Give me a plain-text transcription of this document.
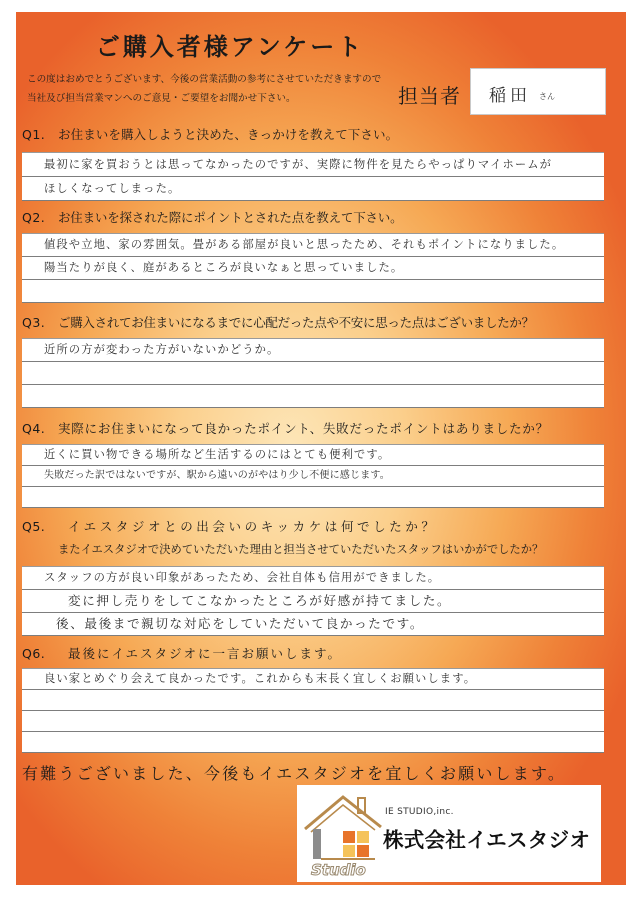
ご購入者様アンケート
この度はおめでとうございます、今後の営業活動の参考にさせていただきますので
当社及び担当営業マンへのご意見・ご要望をお聞かせ下さい。	担当者 稲田 さん
Q1. お住まいを購入しようと決めた、きっかけを教えて下さい。
最初に家を買おうとは思ってなかったのですが、実際に物件を見たらやっぱりマイホームが
ほしくなってしまった。
Q2. お住まいを探された際にポイントとされた点を教えて下さい。
値段や立地、家の雰囲気。畳がある部屋が良いと思ったため、それもポイントになりました。
陽当たりが良く、庭があるところが良いなぁと思っていました。
Q3. ご購入されてお住まいになるまでに心配だった点や不安に思った点はございましたか？
近所の方が変わった方がいないかどうか。
Q4. 実際にお住まいになって良かったポイント、失敗だったポイントはありましたか？
近くに買い物できる場所など生活するのにはとても便利です。
失敗だった訳ではないですが、駅から遠いのがやはり少し不便に感じます。
Q5. イエスタジオとの出会いのキッカケは何でしたか？
またイエスタジオで決めていただいた理由と担当させていただいたスタッフはいかがでしたか？
スタッフの方が良い印象があったため、会社自体も信用ができました。
変に押し売りをしてこなかったところが好感が持てました。
後、最後まで親切な対応をしていただいて良かったです。
Q6. 最後にイエスタジオに一言お願いします。
良い家とめぐり会えて良かったです。これからも末長く宜しくお願いします。
有難うございました、今後もイエスタジオを宜しくお願いします。
Studio
IE STUDIO,inc.
株式会社イエスタジオ
